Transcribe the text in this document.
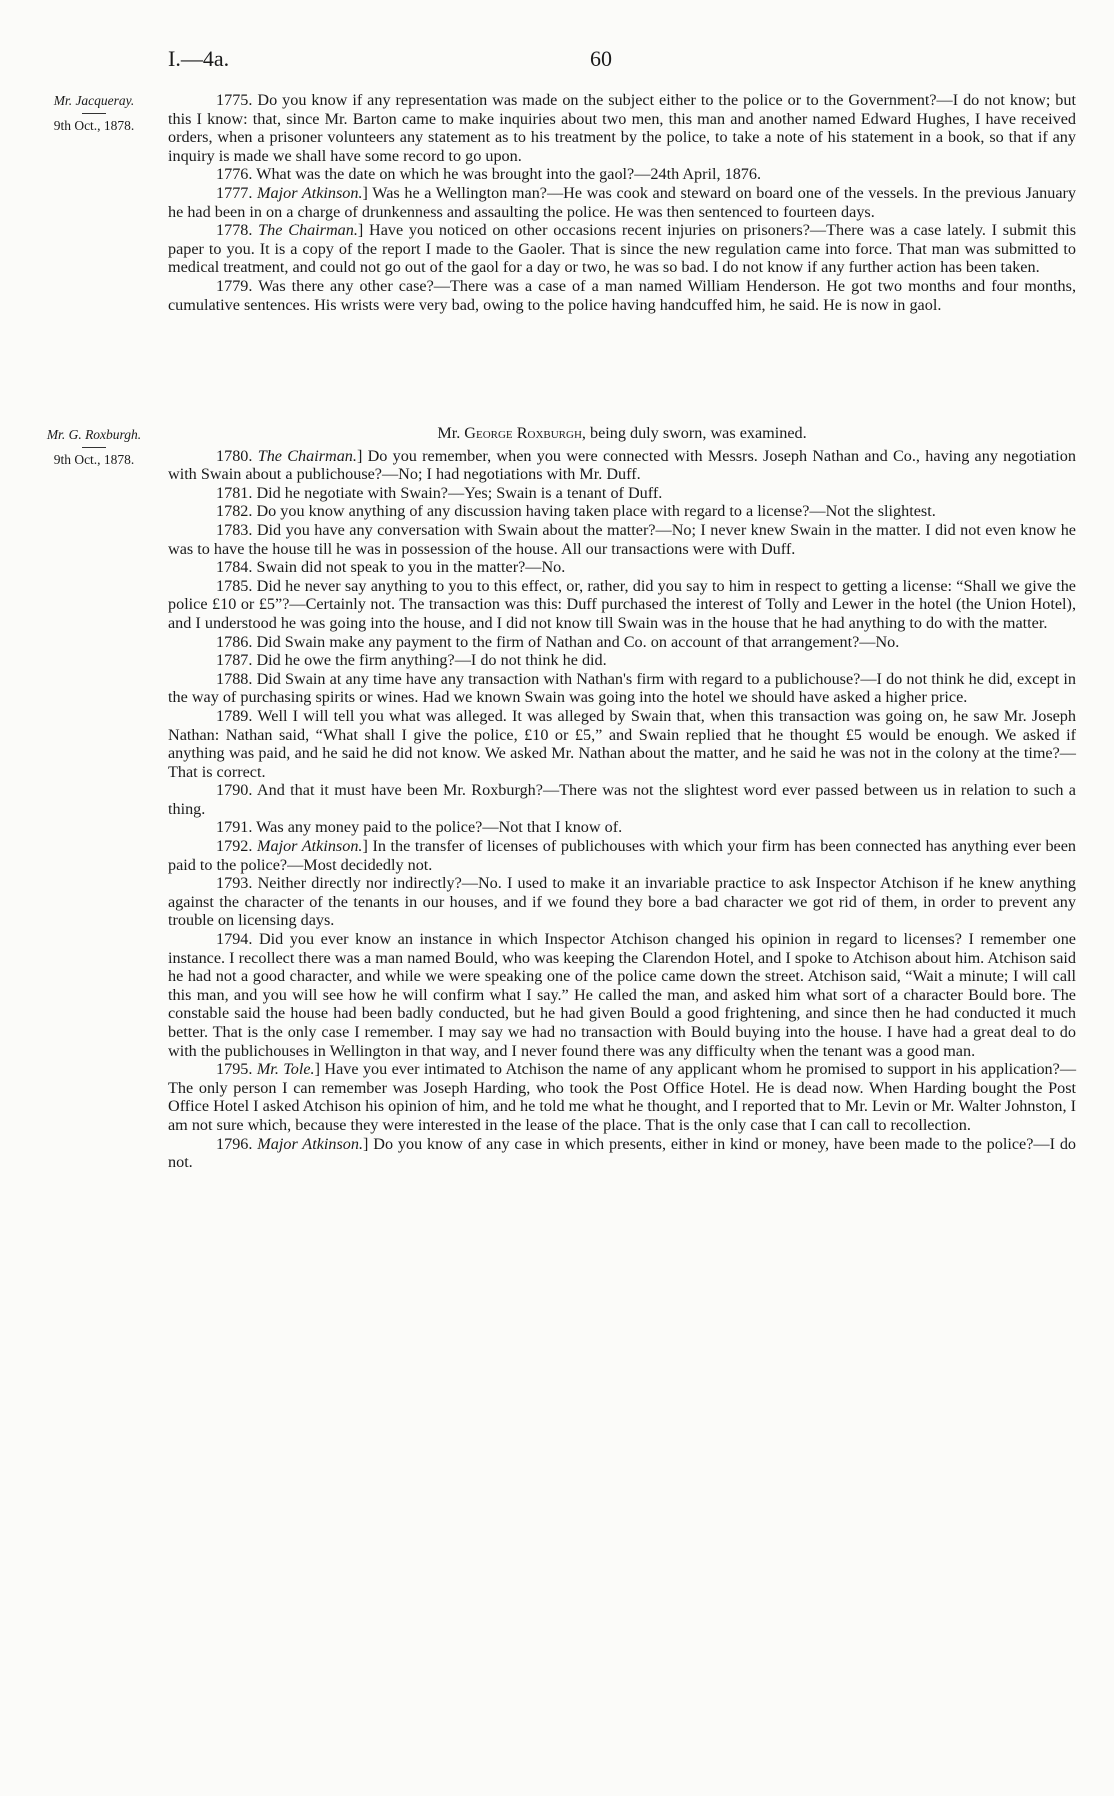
I.—4a.	60
Mr. Jacqueray.
9th Oct., 1878.

1775. Do you know if any representation was made on the subject either to the police or to the Government?—I do not know; but this I know: that, since Mr. Barton came to make inquiries about two men, this man and another named Edward Hughes, I have received orders, when a prisoner volunteers any statement as to his treatment by the police, to take a note of his statement in a book, so that if any inquiry is made we shall have some record to go upon.

1776. What was the date on which he was brought into the gaol?—24th April, 1876.

1777. Major Atkinson.] Was he a Wellington man?—He was cook and steward on board one of the vessels. In the previous January he had been in on a charge of drunkenness and assaulting the police. He was then sentenced to fourteen days.

1778. The Chairman.] Have you noticed on other occasions recent injuries on prisoners?—There was a case lately. I submit this paper to you. It is a copy of the report I made to the Gaoler. That is since the new regulation came into force. That man was submitted to medical treatment, and could not go out of the gaol for a day or two, he was so bad. I do not know if any further action has been taken.

1779. Was there any other case?—There was a case of a man named William Henderson. He got two months and four months, cumulative sentences. His wrists were very bad, owing to the police having handcuffed him, he said. He is now in gaol.

Mr. G. Roxburgh.
9th Oct., 1878.

Mr. George Roxburgh, being duly sworn, was examined.

1780. The Chairman.] Do you remember, when you were connected with Messrs. Joseph Nathan and Co., having any negotiation with Swain about a publichouse?—No; I had negotiations with Mr. Duff.

1781. Did he negotiate with Swain?—Yes; Swain is a tenant of Duff.

1782. Do you know anything of any discussion having taken place with regard to a license?—Not the slightest.

1783. Did you have any conversation with Swain about the matter?—No; I never knew Swain in the matter. I did not even know he was to have the house till he was in possession of the house. All our transactions were with Duff.

1784. Swain did not speak to you in the matter?—No.

1785. Did he never say anything to you to this effect, or, rather, did you say to him in respect to getting a license: “Shall we give the police £10 or £5”?—Certainly not. The transaction was this: Duff purchased the interest of Tolly and Lewer in the hotel (the Union Hotel), and I understood he was going into the house, and I did not know till Swain was in the house that he had anything to do with the matter.

1786. Did Swain make any payment to the firm of Nathan and Co. on account of that arrangement?—No.

1787. Did he owe the firm anything?—I do not think he did.

1788. Did Swain at any time have any transaction with Nathan's firm with regard to a publichouse?—I do not think he did, except in the way of purchasing spirits or wines. Had we known Swain was going into the hotel we should have asked a higher price.

1789. Well I will tell you what was alleged. It was alleged by Swain that, when this transaction was going on, he saw Mr. Joseph Nathan: Nathan said, “What shall I give the police, £10 or £5,” and Swain replied that he thought £5 would be enough. We asked if anything was paid, and he said he did not know. We asked Mr. Nathan about the matter, and he said he was not in the colony at the time?—That is correct.

1790. And that it must have been Mr. Roxburgh?—There was not the slightest word ever passed between us in relation to such a thing.

1791. Was any money paid to the police?—Not that I know of.

1792. Major Atkinson.] In the transfer of licenses of publichouses with which your firm has been connected has anything ever been paid to the police?—Most decidedly not.

1793. Neither directly nor indirectly?—No. I used to make it an invariable practice to ask Inspector Atchison if he knew anything against the character of the tenants in our houses, and if we found they bore a bad character we got rid of them, in order to prevent any trouble on licensing days.

1794. Did you ever know an instance in which Inspector Atchison changed his opinion in regard to licenses? I remember one instance. I recollect there was a man named Bould, who was keeping the Clarendon Hotel, and I spoke to Atchison about him. Atchison said he had not a good character, and while we were speaking one of the police came down the street. Atchison said, “Wait a minute; I will call this man, and you will see how he will confirm what I say.” He called the man, and asked him what sort of a character Bould bore. The constable said the house had been badly conducted, but he had given Bould a good frightening, and since then he had conducted it much better. That is the only case I remember. I may say we had no transaction with Bould buying into the house. I have had a great deal to do with the publichouses in Wellington in that way, and I never found there was any difficulty when the tenant was a good man.

1795. Mr. Tole.] Have you ever intimated to Atchison the name of any applicant whom he promised to support in his application?—The only person I can remember was Joseph Harding, who took the Post Office Hotel. He is dead now. When Harding bought the Post Office Hotel I asked Atchison his opinion of him, and he told me what he thought, and I reported that to Mr. Levin or Mr. Walter Johnston, I am not sure which, because they were interested in the lease of the place. That is the only case that I can call to recollection.

1796. Major Atkinson.] Do you know of any case in which presents, either in kind or money, have been made to the police?—I do not.
